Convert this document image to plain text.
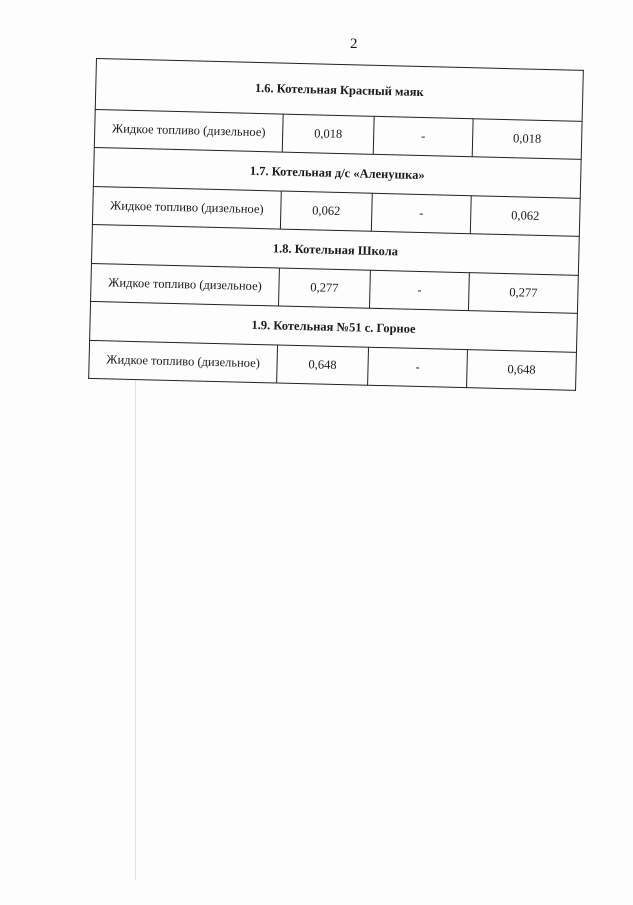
2
1.6. Котельная Красный маяк			
Жидкое топливо (дизельное)	0,018	-	0,018
1.7. Котельная д/с «Аленушка»			
Жидкое топливо (дизельное)	0,062	-	0,062
1.8. Котельная Школа			
Жидкое топливо (дизельное)	0,277	-	0,277
1.9. Котельная №51 с. Горное			
Жидкое топливо (дизельное)	0,648	-	0,648
